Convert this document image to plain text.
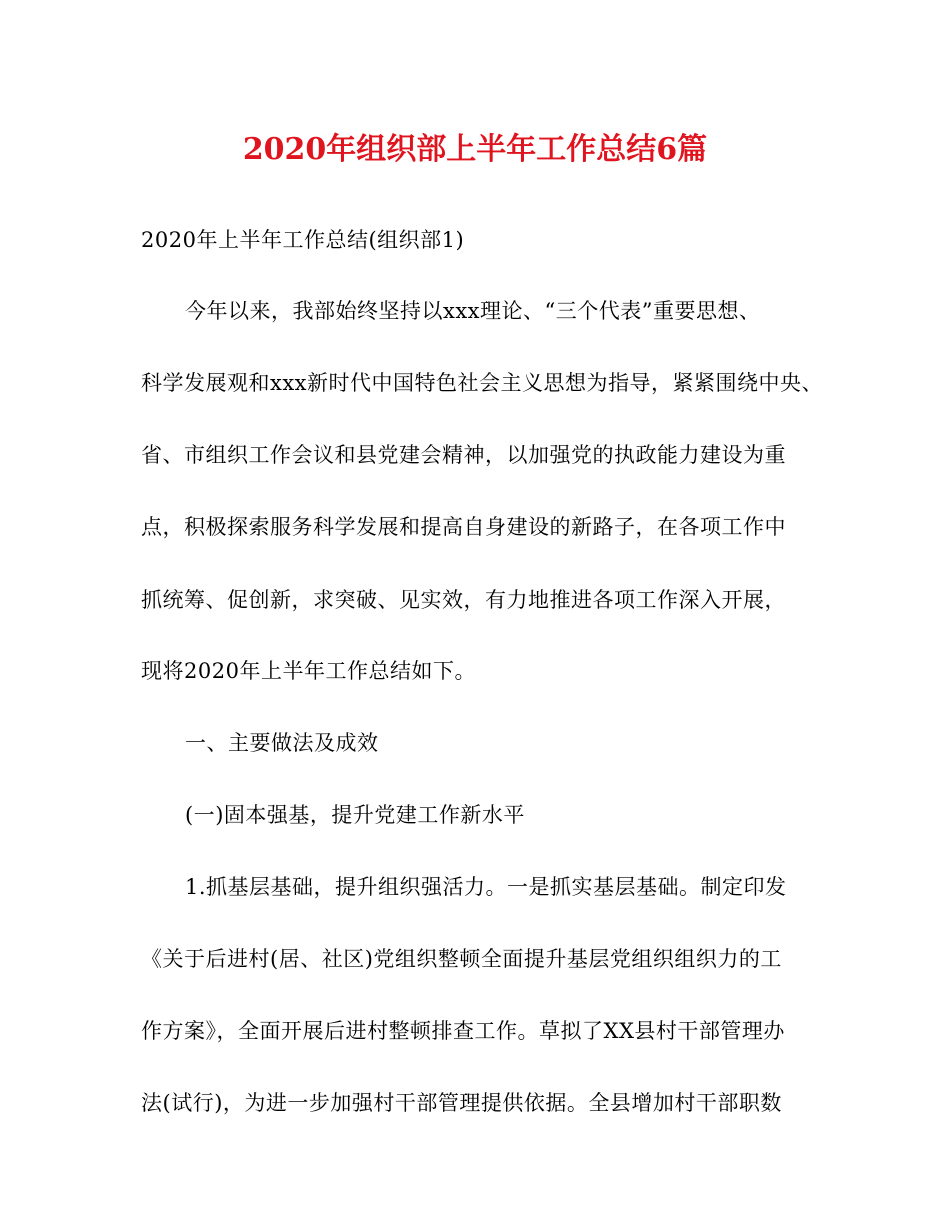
2020年组织部上半年工作总结6篇
2020年上半年工作总结(组织部1)
今年以来，我部始终坚持以xxx理论、“三个代表”重要思想、
科学发展观和xxx新时代中国特色社会主义思想为指导，紧紧围绕中央、
省、市组织工作会议和县党建会精神，以加强党的执政能力建设为重
点，积极探索服务科学发展和提高自身建设的新路子，在各项工作中
抓统筹、促创新，求突破、见实效，有力地推进各项工作深入开展，
现将2020年上半年工作总结如下。
一、主要做法及成效
(一)固本强基，提升党建工作新水平
1.抓基层基础，提升组织强活力。一是抓实基层基础。制定印发
《关于后进村(居、社区)党组织整顿全面提升基层党组织组织力的工
作方案》，全面开展后进村整顿排查工作。草拟了XX县村干部管理办
法(试行)，为进一步加强村干部管理提供依据。全县增加村干部职数
